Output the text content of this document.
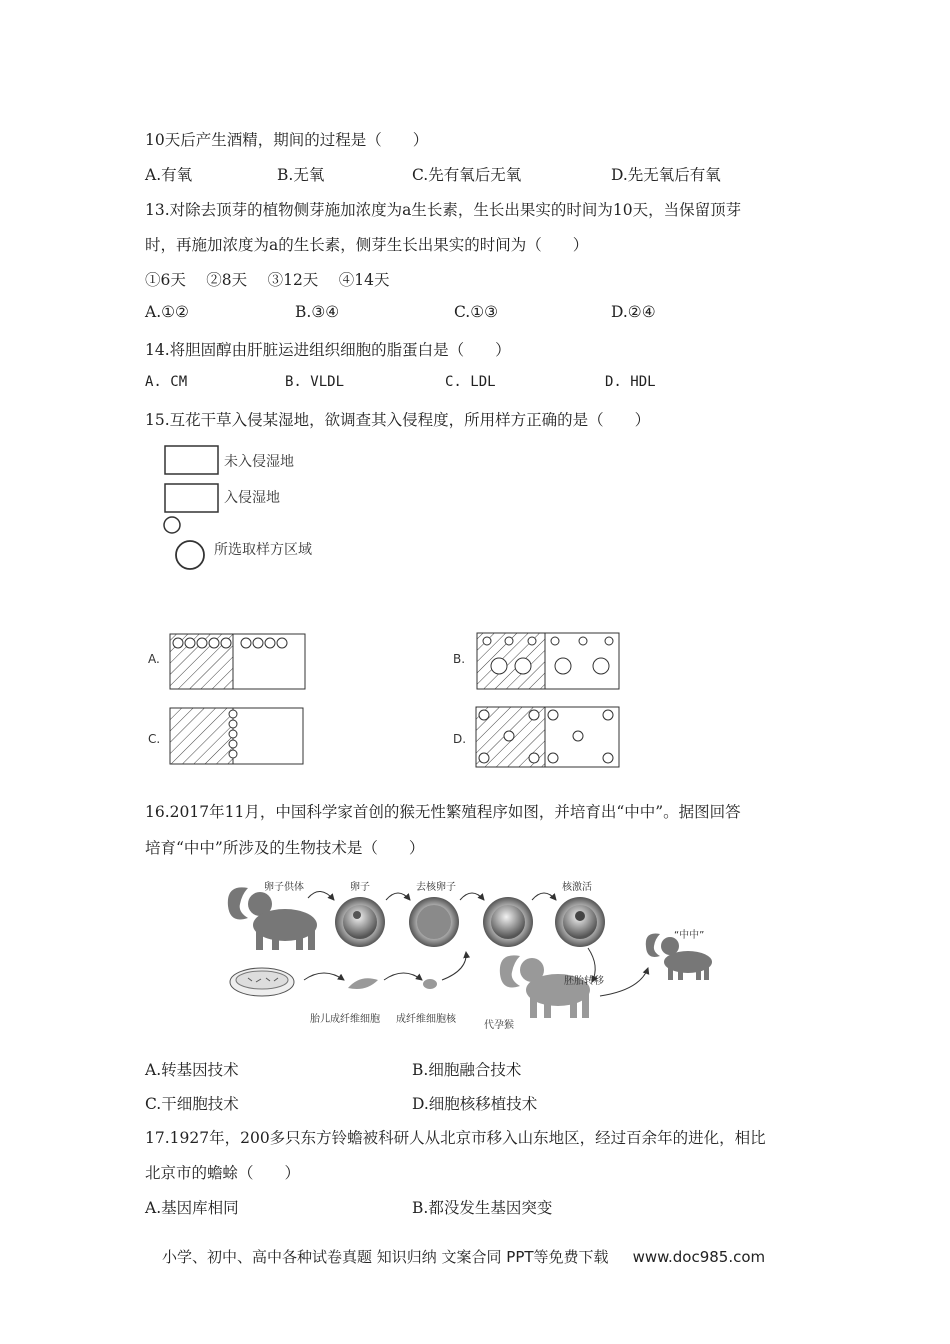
10天后产生酒精，期间的过程是（　　）
A.有氧	B.无氧	C.先有氧后无氧	D.先无氧后有氧
13.对除去顶芽的植物侧芽施加浓度为a生长素，生长出果实的时间为10天，当保留顶芽
时，再施加浓度为a的生长素，侧芽生长出果实的时间为（　　）
①6天　 ②8天　 ③12天　 ④14天
A.①②	B.③④	C.①③	D.②④
14.将胆固醇由肝脏运进组织细胞的脂蛋白是（　　）
A. CM	B. VLDL	C. LDL	D. HDL
15.互花干草入侵某湿地，欲调查其入侵程度，所用样方正确的是（　　）
未入侵湿地
入侵湿地
所选取样方区域
A.	B.
C.	D.
16.2017年11月，中国科学家首创的猴无性繁殖程序如图，并培育出“中中”。据图回答
培育“中中”所涉及的生物技术是（　　）
卵子供体	卵子	去核卵子	核激活
胎儿成纤维细胞 成纤维细胞核
胚胎转移
代孕猴
“中中”
A.转基因技术	B.细胞融合技术
C.干细胞技术	D.细胞核移植技术
17.1927年，200多只东方铃蟾被科研人从北京市移入山东地区，经过百余年的进化，相比
北京市的蟾蜍（　　）
A.基因库相同	B.都没发生基因突变
小学、初中、高中各种试卷真题 知识归纳 文案合同 PPT等免费下载 www.doc985.com
